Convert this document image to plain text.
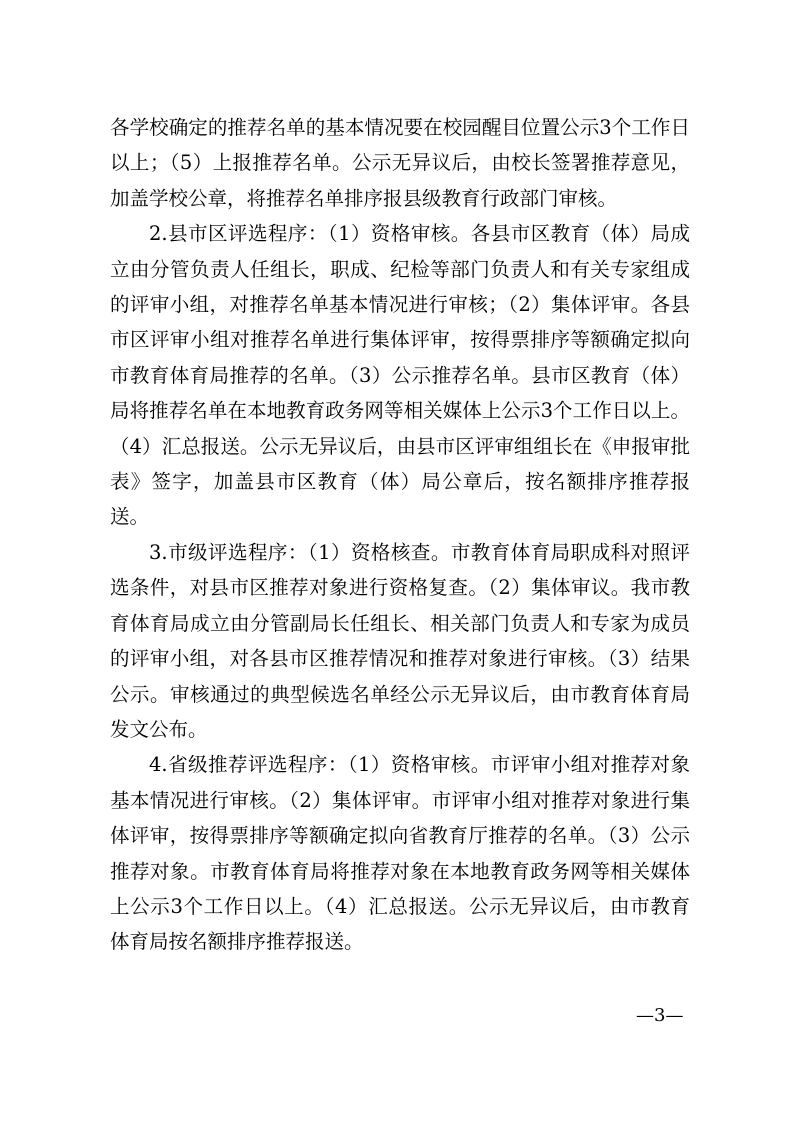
各学校确定的推荐名单的基本情况要在校园醒目位置公示3个工作日以上；（5）上报推荐名单。公示无异议后，由校长签署推荐意见，加盖学校公章，将推荐名单排序报县级教育行政部门审核。

2.县市区评选程序：（1）资格审核。各县市区教育（体）局成立由分管负责人任组长，职成、纪检等部门负责人和有关专家组成的评审小组，对推荐名单基本情况进行审核；（2）集体评审。各县市区评审小组对推荐名单进行集体评审，按得票排序等额确定拟向市教育体育局推荐的名单。（3）公示推荐名单。县市区教育（体）局将推荐名单在本地教育政务网等相关媒体上公示3个工作日以上。（4）汇总报送。公示无异议后，由县市区评审组组长在《申报审批表》签字，加盖县市区教育（体）局公章后，按名额排序推荐报送。

3.市级评选程序：（1）资格核查。市教育体育局职成科对照评选条件，对县市区推荐对象进行资格复查。（2）集体审议。我市教育体育局成立由分管副局长任组长、相关部门负责人和专家为成员的评审小组，对各县市区推荐情况和推荐对象进行审核。（3）结果公示。审核通过的典型候选名单经公示无异议后，由市教育体育局发文公布。

4.省级推荐评选程序：（1）资格审核。市评审小组对推荐对象基本情况进行审核。（2）集体评审。市评审小组对推荐对象进行集体评审，按得票排序等额确定拟向省教育厅推荐的名单。（3）公示推荐对象。市教育体育局将推荐对象在本地教育政务网等相关媒体上公示3个工作日以上。（4）汇总报送。公示无异议后，由市教育体育局按名额排序推荐报送。

—3—
